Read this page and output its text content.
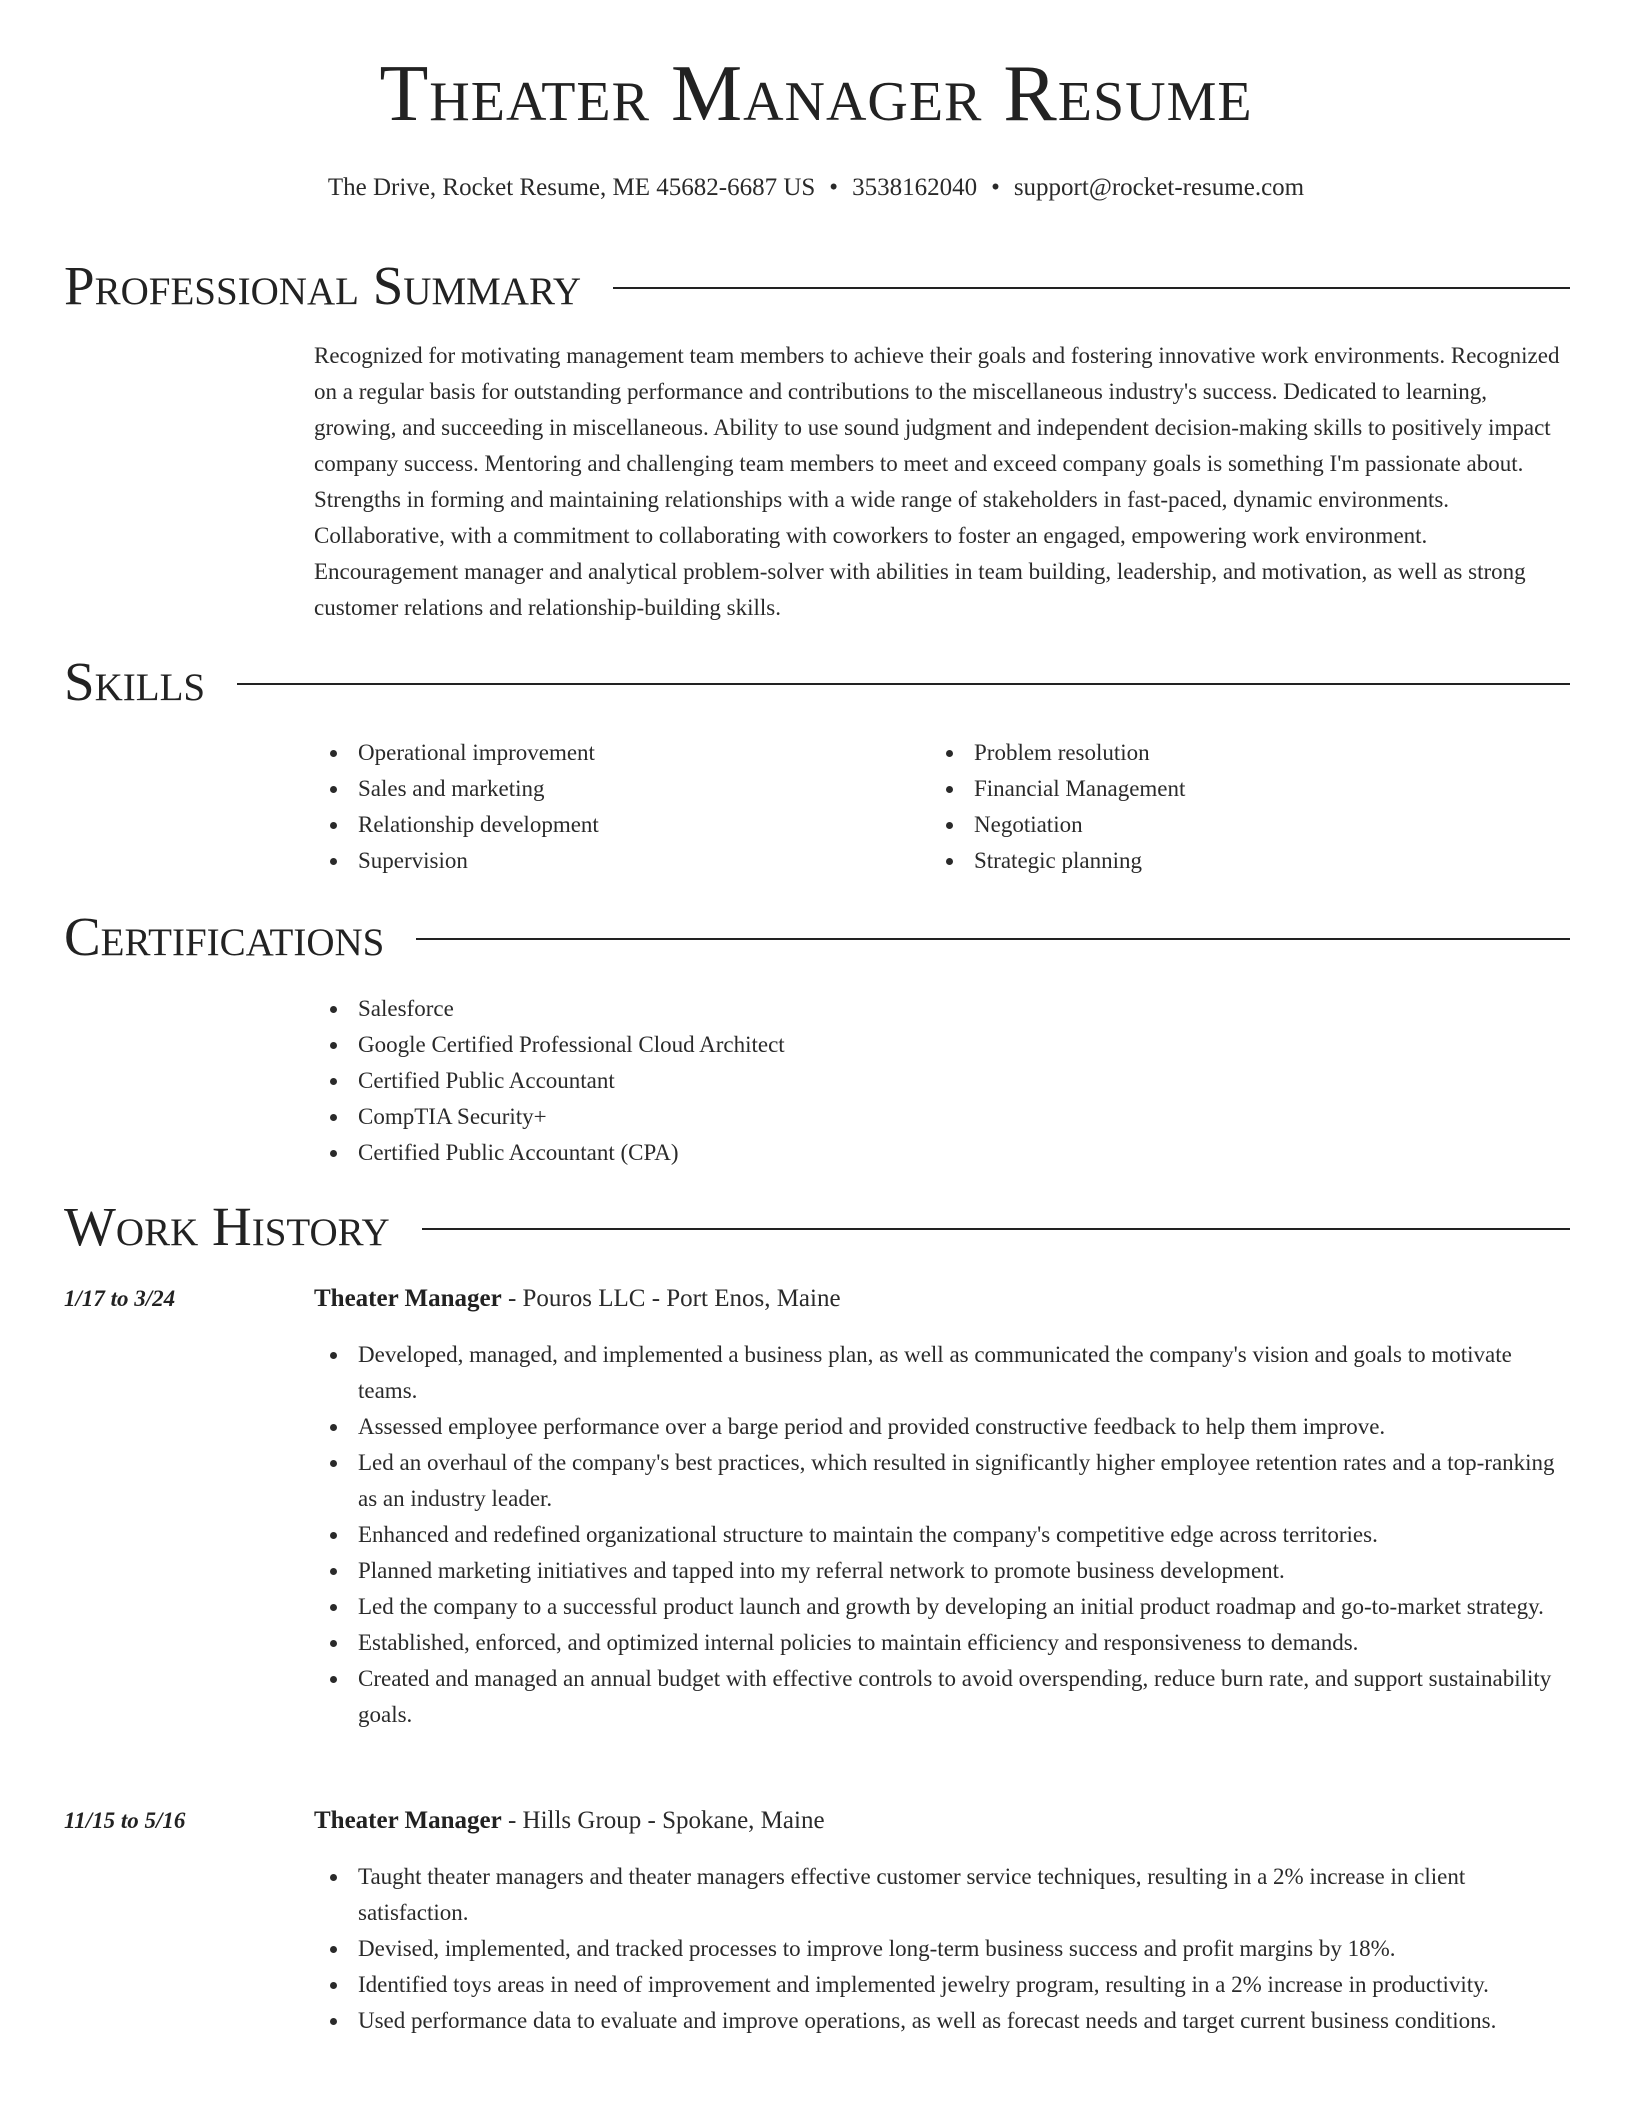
Theater Manager Resume
The Drive, Rocket Resume, ME 45682-6687 US • 3538162040 • support@rocket-resume.com
Professional Summary

Recognized for motivating management team members to achieve their goals and fostering innovative work environments. Recognized on a regular basis for outstanding performance and contributions to the miscellaneous industry's success. Dedicated to learning, growing, and succeeding in miscellaneous. Ability to use sound judgment and independent decision-making skills to positively impact company success. Mentoring and challenging team members to meet and exceed company goals is something I'm passionate about. Strengths in forming and maintaining relationships with a wide range of stakeholders in fast-paced, dynamic environments. Collaborative, with a commitment to collaborating with coworkers to foster an engaged, empowering work environment. Encouragement manager and analytical problem-solver with abilities in team building, leadership, and motivation, as well as strong customer relations and relationship-building skills.

Skills
Operational improvement
Sales and marketing
Relationship development
Supervision
Problem resolution
Financial Management
Negotiation
Strategic planning
Certifications
Salesforce
Google Certified Professional Cloud Architect
Certified Public Accountant
CompTIA Security+
Certified Public Accountant (CPA)
Work History
1/17 to 3/24	Theater Manager - Pouros LLC - Port Enos, Maine
Developed, managed, and implemented a business plan, as well as communicated the company's vision and goals to motivate teams.
Assessed employee performance over a barge period and provided constructive feedback to help them improve.
Led an overhaul of the company's best practices, which resulted in significantly higher employee retention rates and a top-ranking as an industry leader.
Enhanced and redefined organizational structure to maintain the company's competitive edge across territories.
Planned marketing initiatives and tapped into my referral network to promote business development.
Led the company to a successful product launch and growth by developing an initial product roadmap and go-to-market strategy.
Established, enforced, and optimized internal policies to maintain efficiency and responsiveness to demands.
Created and managed an annual budget with effective controls to avoid overspending, reduce burn rate, and support sustainability goals.
11/15 to 5/16	Theater Manager - Hills Group - Spokane, Maine
Taught theater managers and theater managers effective customer service techniques, resulting in a 2% increase in client satisfaction.
Devised, implemented, and tracked processes to improve long-term business success and profit margins by 18%.
Identified toys areas in need of improvement and implemented jewelry program, resulting in a 2% increase in productivity.
Used performance data to evaluate and improve operations, as well as forecast needs and target current business conditions.
